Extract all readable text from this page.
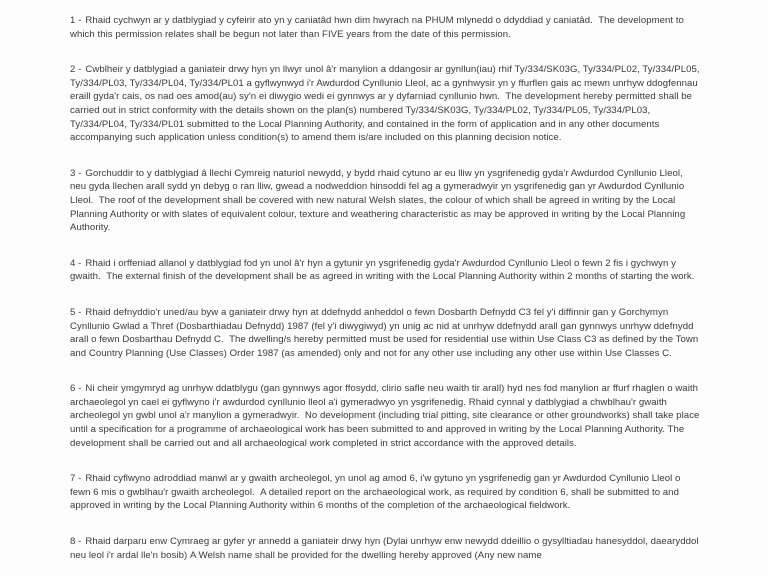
1 - Rhaid cychwyn ar y datblygiad y cyfeirir ato yn y caniatâd hwn dim hwyrach na PHUM mlynedd o ddyddiad y caniatâd. The development to which this permission relates shall be begun not later than FIVE years from the date of this permission.

2 - Cwblheir y datblygiad a ganiateir drwy hyn yn llwyr unol â'r manylion a ddangosir ar gynllun(iau) rhif Ty/334/SK03G, Ty/334/PL02, Ty/334/PL05, Ty/334/PL03, Ty/334/PL04, Ty/334/PL01 a gyflwynwyd i'r Awdurdod Cynllunio Lleol, ac a gynhwysir yn y ffurflen gais ac mewn unrhyw ddogfennau eraill gyda'r cais, os nad oes amod(au) sy'n ei diwygio wedi ei gynnwys ar y dyfarniad cynllunio hwn. The development hereby permitted shall be carried out in strict conformity with the details shown on the plan(s) numbered Ty/334/SK03G, Ty/334/PL02, Ty/334/PL05, Ty/334/PL03, Ty/334/PL04, Ty/334/PL01 submitted to the Local Planning Authority, and contained in the form of application and in any other documents accompanying such application unless condition(s) to amend them is/are included on this planning decision notice.

3 - Gorchuddir to y datblygiad â llechi Cymreig naturiol newydd, y bydd rhaid cytuno ar eu lliw yn ysgrifenedig gyda'r Awdurdod Cynllunio Lleol, neu gyda llechen arall sydd yn debyg o ran lliw, gwead a nodweddion hinsoddi fel ag a gymeradwyir yn ysgrifenedig gan yr Awdurdod Cynllunio Lleol. The roof of the development shall be covered with new natural Welsh slates, the colour of which shall be agreed in writing by the Local Planning Authority or with slates of equivalent colour, texture and weathering characteristic as may be approved in writing by the Local Planning Authority.

4 - Rhaid i orffeniad allanol y datblygiad fod yn unol â'r hyn a gytunir yn ysgrifenedig gyda'r Awdurdod Cynllunio Lleol o fewn 2 fis i gychwyn y gwaith. The external finish of the development shall be as agreed in writing with the Local Planning Authority within 2 months of starting the work.

5 - Rhaid defnyddio'r uned/au byw a ganiateir drwy hyn at ddefnydd anheddol o fewn Dosbarth Defnydd C3 fel y'i diffinnir gan y Gorchymyn Cynllunio Gwlad a Thref (Dosbarthiadau Defnydd) 1987 (fel y'i diwygiwyd) yn unig ac nid at unrhyw ddefnydd arall gan gynnwys unrhyw ddefnydd arall o fewn Dosbarthau Defnydd C. The dwelling/s hereby permitted must be used for residential use within Use Class C3 as defined by the Town and Country Planning (Use Classes) Order 1987 (as amended) only and not for any other use including any other use within Use Classes C.

6 - Ni cheir ymgymryd ag unrhyw ddatblygu (gan gynnwys agor ffosydd, clirio safle neu waith tir arall) hyd nes fod manylion ar ffurf rhaglen o waith archaeolegol yn cael ei gyflwyno i'r awdurdod cynllunio lleol a'i gymeradwyo yn ysgrifenedig. Rhaid cynnal y datblygiad a chwblhau'r gwaith archeolegol yn gwbl unol a'r manylion a gymeradwyir. No development (including trial pitting, site clearance or other groundworks) shall take place until a specification for a programme of archaeological work has been submitted to and approved in writing by the Local Planning Authority. The development shall be carried out and all archaeological work completed in strict accordance with the approved details.

7 - Rhaid cyflwyno adroddiad manwl ar y gwaith archeolegol, yn unol ag amod 6, i'w gytuno yn ysgrifenedig gan yr Awdurdod Cynllunio Lleol o fewn 6 mis o gwblhau'r gwaith archeolegol. A detailed report on the archaeological work, as required by condition 6, shall be submitted to and approved in writing by the Local Planning Authority within 6 months of the completion of the archaeological fieldwork.

8 - Rhaid darparu enw Cymraeg ar gyfer yr annedd a ganiateir drwy hyn (Dylai unrhyw enw newydd ddeillio o gysylltiadau hanesyddol, daearyddol neu leol i'r ardal lle'n bosib) A Welsh name shall be provided for the dwelling hereby approved (Any new name
